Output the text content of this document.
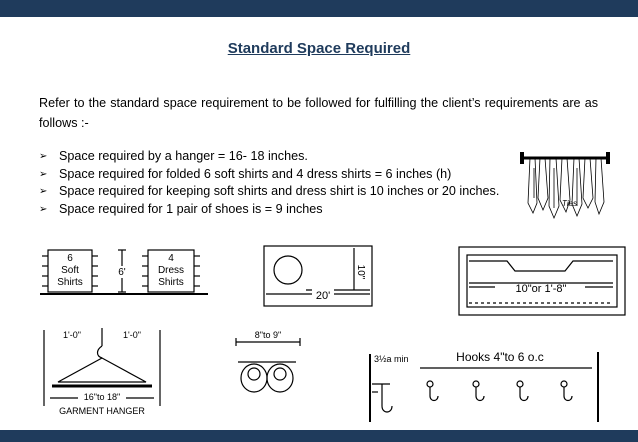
Standard Space Required
Refer to the standard space requirement to be followed for fulfilling the client’s requirements are as follows :-
➢ Space required by a hanger = 16- 18 inches.
➢ Space required for folded 6 soft shirts and 4 dress shirts = 6 inches (h)
➢ Space required for keeping soft shirts and dress shirt is 10 inches or 20 inches.
➢ Space required for 1 pair of shoes is = 9 inches	Ties
6
Soft
Shirts
6'
4
Dress
Shirts
10"
20'
10"or 1'-8"
1'-0"	1'-0"
16"to 18"
GARMENT HANGER
8"to 9"
3½a min	Hooks 4"to 6 o.c
